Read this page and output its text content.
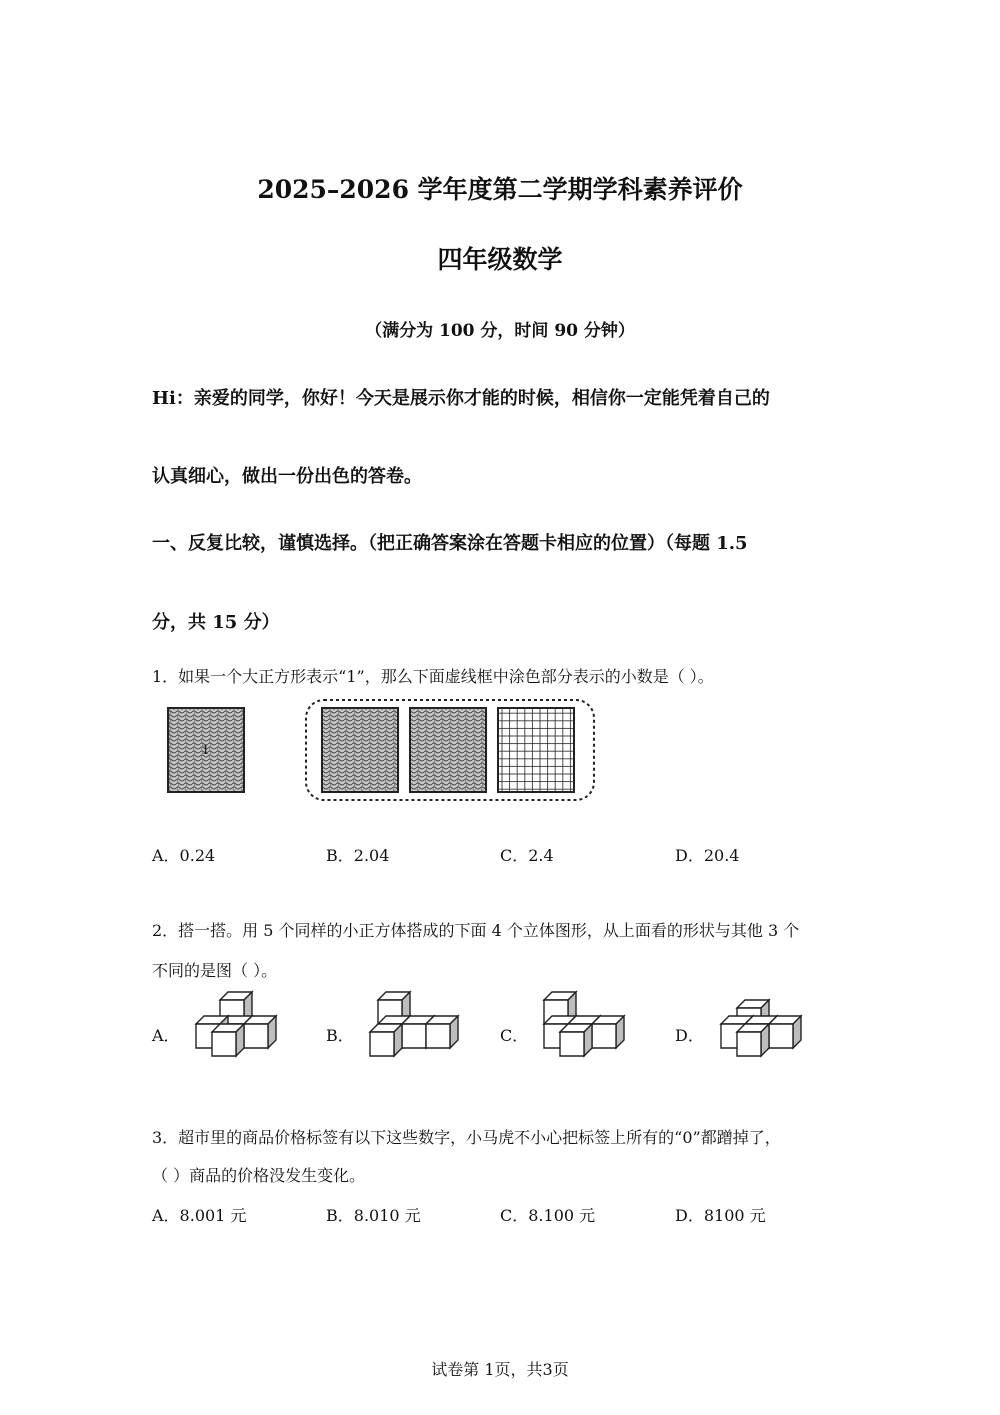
2025–2026 学年度第二学期学科素养评价
四年级数学
（满分为 100 分，时间 90 分钟）
Hi：亲爱的同学，你好！今天是展示你才能的时候，相信你一定能凭着自己的
认真细心，做出一份出色的答卷。
一、反复比较，谨慎选择。（把正确答案涂在答题卡相应的位置）（每题 1.5
分，共 15 分）
1．如果一个大正方形表示“1”，那么下面虚线框中涂色部分表示的小数是（ ）。
1
A．0.24	B．2.04	C．2.4	D．20.4
2．搭一搭。用 5 个同样的小正方体搭成的下面 4 个立体图形，从上面看的形状与其他 3 个
不同的是图（ ）。
A．	B．	C．	D．
3．超市里的商品价格标签有以下这些数字，小马虎不小心把标签上所有的“0”都蹭掉了，
（ ）商品的价格没发生变化。
A．8.001 元	B．8.010 元	C．8.100 元	D．8100 元
试卷第 1页，共3页
